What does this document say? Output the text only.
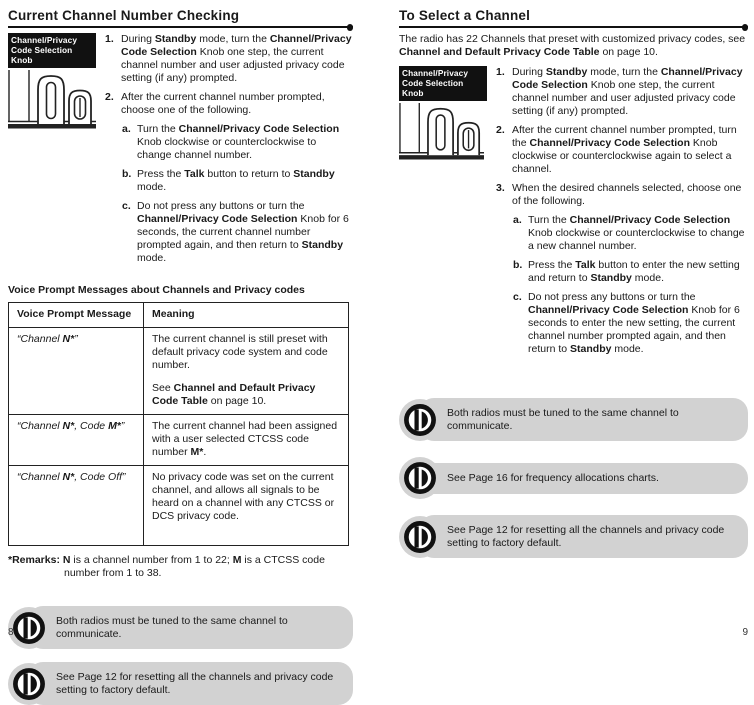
Current Channel Number Checking
Channel/Privacy
Code Selection Knob
1. During Standby mode, turn the Channel/Privacy Code Selection Knob one step, the current channel number and user adjusted privacy code setting (if any) prompted.
2. After the current channel number prompted, choose one of the following.
a. Turn the Channel/Privacy Code Selection Knob clockwise or counterclockwise to change channel number.
b. Press the Talk button to return to Standby mode.
c. Do not press any buttons or turn the Channel/Privacy Code Selection Knob for 6 seconds, the current channel number prompted again, and then return to Standby mode.
Voice Prompt Messages about Channels and Privacy codes
Voice Prompt Message	Meaning
“Channel N*”	The current channel is still preset with default privacy code system and code number.

See Channel and Default Privacy Code Table on page 10.

“Channel N*, Code M*”	The current channel had been assigned with a user selected CTCSS code number M*.

“Channel N*, Code Off”	No privacy code was set on the current channel, and allows all signals to be heard on a channel with any CTCSS or DCS privacy code.

*Remarks: N is a channel number from 1 to 22; M is a CTCSS code number from 1 to 38.
Both radios must be tuned to the same channel to communicate.
See Page 12 for resetting all the channels and privacy code setting to factory default.
To Select a Channel

The radio has 22 Channels that preset with customized privacy codes, see Channel and Default Privacy Code Table on page 10.

Channel/Privacy
Code Selection Knob
1. During Standby mode, turn the Channel/Privacy Code Selection Knob one step, the current channel number and user adjusted privacy code setting (if any) prompted.
2. After the current channel number prompted, turn the Channel/Privacy Code Selection Knob clockwise or counterclockwise again to select a channel.
3. When the desired channels selected, choose one of the following.
a. Turn the Channel/Privacy Code Selection Knob clockwise or counterclockwise to change a new channel number.
b. Press the Talk button to enter the new setting and return to Standby mode.
c. Do not press any buttons or turn the Channel/Privacy Code Selection Knob for 6 seconds to enter the new setting, the current channel number prompted again, and then return to Standby mode.
Both radios must be tuned to the same channel to communicate.
See Page 16 for frequency allocations charts.
See Page 12 for resetting all the channels and privacy code setting to factory default.
8	9
